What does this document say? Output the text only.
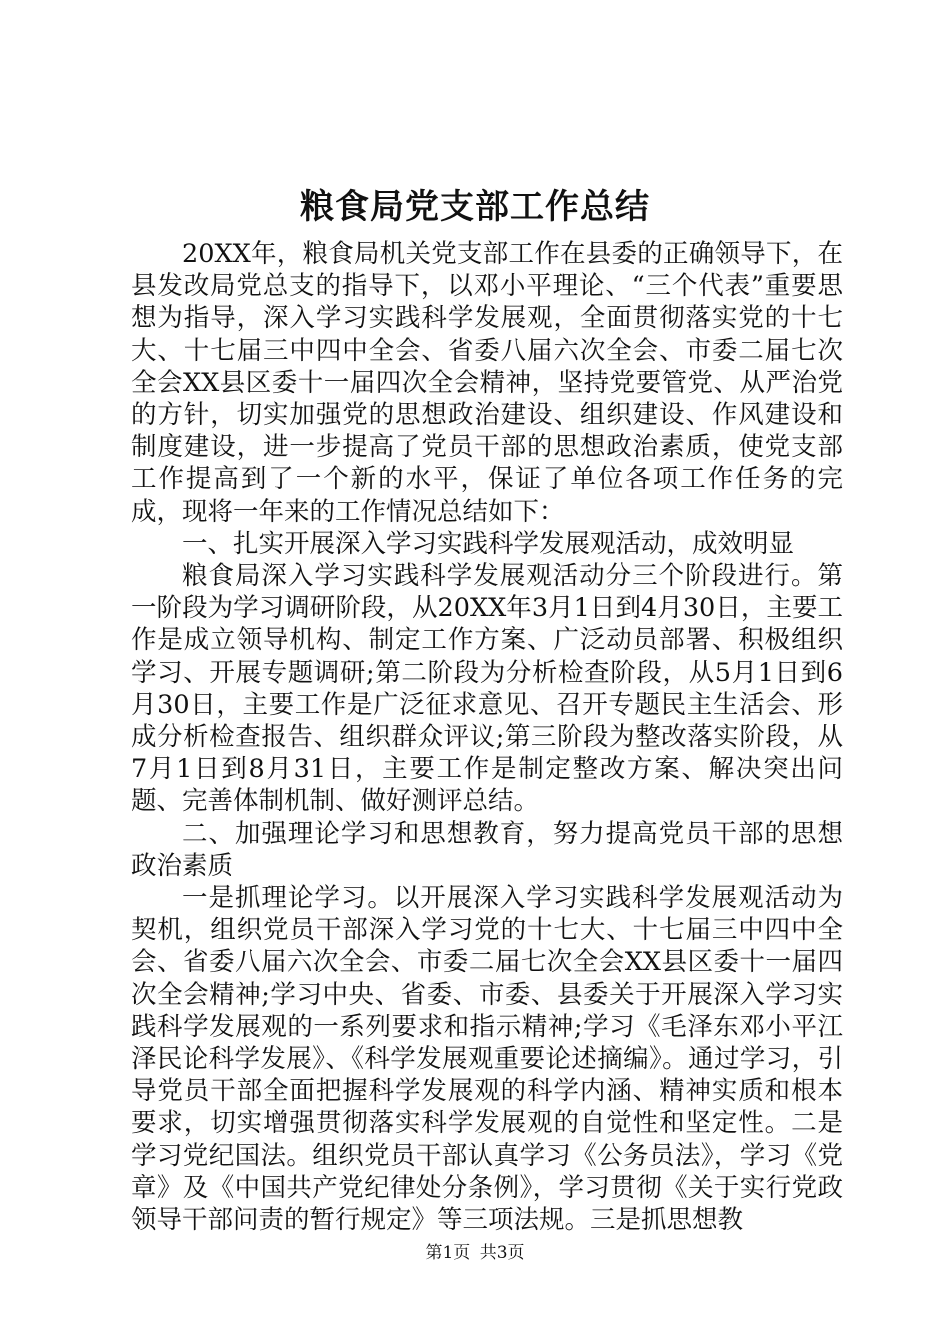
粮食局党支部工作总结

20XX年，粮食局机关党支部工作在县委的正确领导下，在县发改局党总支的指导下，以邓小平理论、“三个代表”重要思想为指导，深入学习实践科学发展观，全面贯彻落实党的十七大、十七届三中四中全会、省委八届六次全会、市委二届七次全会XX县区委十一届四次全会精神，坚持党要管党、从严治党的方针，切实加强党的思想政治建设、组织建设、作风建设和制度建设，进一步提高了党员干部的思想政治素质，使党支部工作提高到了一个新的水平，保证了单位各项工作任务的完成，现将一年来的工作情况总结如下：

一、扎实开展深入学习实践科学发展观活动，成效明显

粮食局深入学习实践科学发展观活动分三个阶段进行。第一阶段为学习调研阶段，从20XX年3月1日到4月30日，主要工作是成立领导机构、制定工作方案、广泛动员部署、积极组织学习、开展专题调研;第二阶段为分析检查阶段，从5月1日到6月30日，主要工作是广泛征求意见、召开专题民主生活会、形成分析检查报告、组织群众评议;第三阶段为整改落实阶段，从7月1日到8月31日，主要工作是制定整改方案、解决突出问题、完善体制机制、做好测评总结。

二、加强理论学习和思想教育，努力提高党员干部的思想政治素质

一是抓理论学习。以开展深入学习实践科学发展观活动为契机，组织党员干部深入学习党的十七大、十七届三中四中全会、省委八届六次全会、市委二届七次全会XX县区委十一届四次全会精神;学习中央、省委、市委、县委关于开展深入学习实践科学发展观的一系列要求和指示精神;学习《毛泽东邓小平江泽民论科学发展》、《科学发展观重要论述摘编》。通过学习，引导党员干部全面把握科学发展观的科学内涵、精神实质和根本要求，切实增强贯彻落实科学发展观的自觉性和坚定性。二是学习党纪国法。组织党员干部认真学习《公务员法》，学习《党章》及《中国共产党纪律处分条例》，学习贯彻《关于实行党政领导干部问责的暂行规定》等三项法规。三是抓思想教

第1页 共3页
